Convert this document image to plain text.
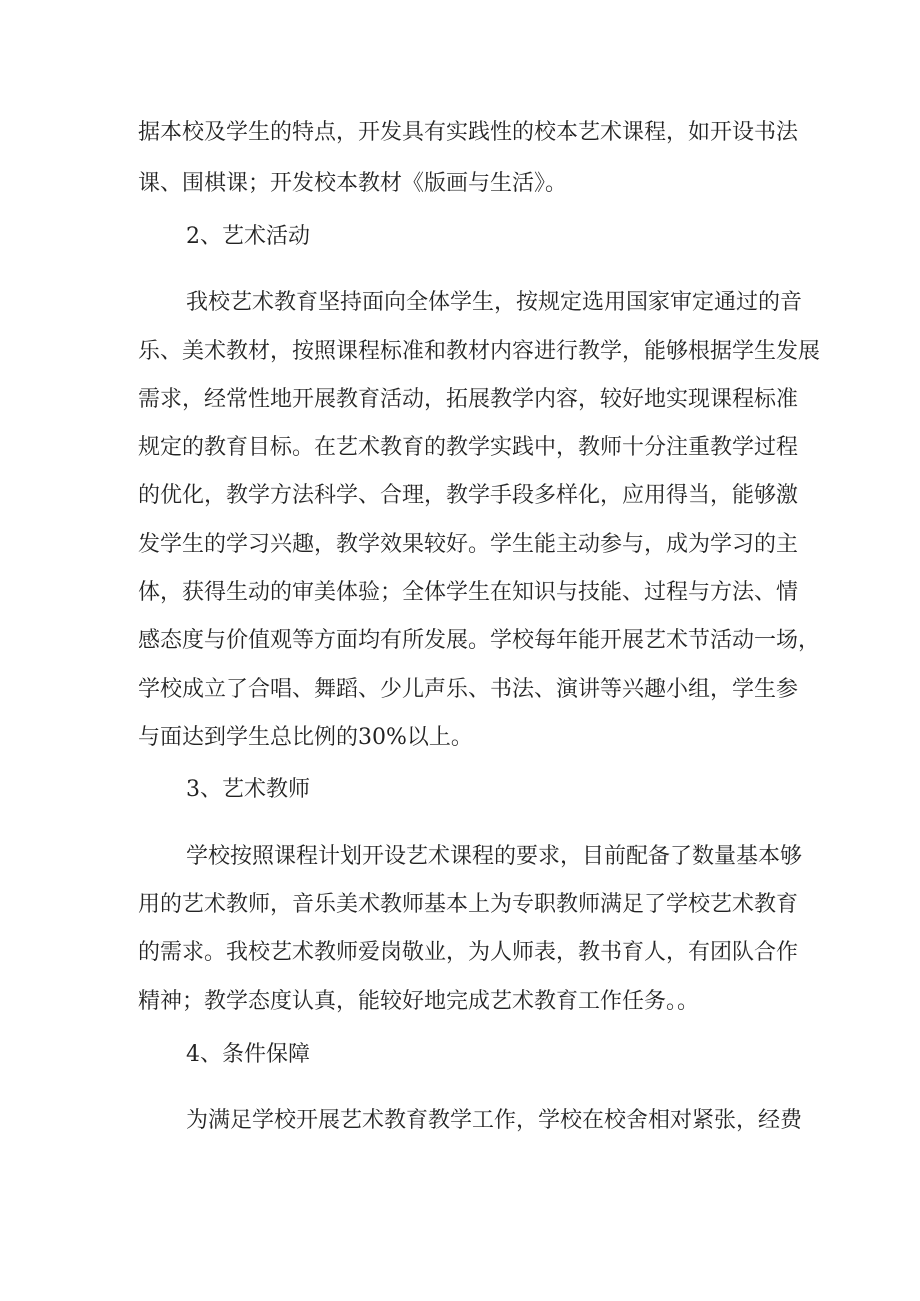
据本校及学生的特点，开发具有实践性的校本艺术课程，如开设书法
课、围棋课；开发校本教材《版画与生活》。
2、艺术活动
我校艺术教育坚持面向全体学生，按规定选用国家审定通过的音
乐、美术教材，按照课程标准和教材内容进行教学，能够根据学生发展
需求，经常性地开展教育活动，拓展教学内容，较好地实现课程标准
规定的教育目标。在艺术教育的教学实践中，教师十分注重教学过程
的优化，教学方法科学、合理，教学手段多样化，应用得当，能够激
发学生的学习兴趣，教学效果较好。学生能主动参与，成为学习的主
体，获得生动的审美体验；全体学生在知识与技能、过程与方法、情
感态度与价值观等方面均有所发展。学校每年能开展艺术节活动一场，
学校成立了合唱、舞蹈、少儿声乐、书法、演讲等兴趣小组，学生参
与面达到学生总比例的30%以上。
3、艺术教师
学校按照课程计划开设艺术课程的要求，目前配备了数量基本够
用的艺术教师，音乐美术教师基本上为专职教师满足了学校艺术教育
的需求。我校艺术教师爱岗敬业，为人师表，教书育人，有团队合作
精神；教学态度认真，能较好地完成艺术教育工作任务。。
4、条件保障
为满足学校开展艺术教育教学工作，学校在校舍相对紧张，经费
